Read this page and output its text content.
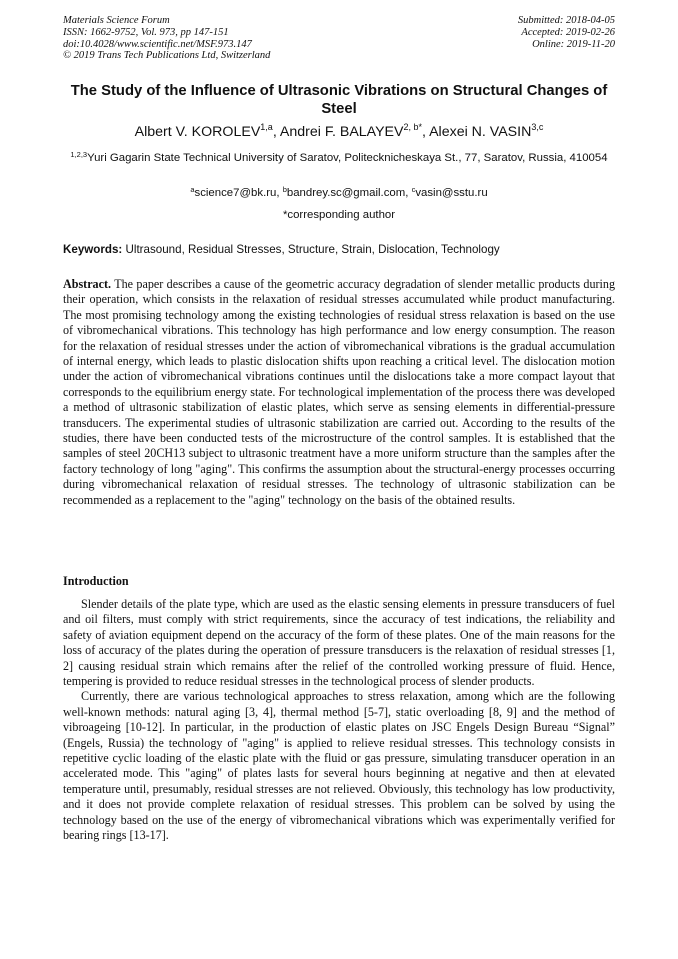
Materials Science Forum
ISSN: 1662-9752, Vol. 973, pp 147-151
doi:10.4028/www.scientific.net/MSF.973.147
© 2019 Trans Tech Publications Ltd, Switzerland
Submitted: 2018-04-05
Accepted: 2019-02-26
Online: 2019-11-20
The Study of the Influence of Ultrasonic Vibrations on Structural Changes of Steel
Albert V. KOROLEV$^{1,a}$, Andrei F. $BALAYEV^{2, b*}$, Alexei N. VASIN$^{3,c}$
$^{1,2,3}$Yuri Gagarin State Technical University of Saratov, Politecknicheskaya St., 77, Saratov, Russia, 410054
$^a$science7@bk.ru, $^b$bandrey.sc@gmail.com, $^c$vasin@sstu.ru
*corresponding author
Keywords: Ultrasound, Residual Stresses, Structure, Strain, Dislocation, Technology

Abstract. The paper describes a cause of the geometric accuracy degradation of slender metallic products during their operation, which consists in the relaxation of residual stresses accumulated while product manufacturing. The most promising technology among the existing technologies of residual stress relaxation is based on the use of vibromechanical vibrations. This technology has high performance and low energy consumption. The reason for the relaxation of residual stresses under the action of vibromechanical vibrations is the gradual accumulation of internal energy, which leads to plastic dislocation shifts upon reaching a critical level. The dislocation motion under the action of vibromechanical vibrations continues until the dislocations take a more compact layout that corresponds to the equilibrium energy state. For technological implementation of the process there was developed a method of ultrasonic stabilization of elastic plates, which serve as sensing elements in differential-pressure transducers. The experimental studies of ultrasonic stabilization are carried out. According to the results of the studies, there have been conducted tests of the microstructure of the control samples. It is established that the samples of steel 20CH13 subject to ultrasonic treatment have a more uniform structure than the samples after the factory technology of long "aging". This confirms the assumption about the structural-energy processes occurring during vibromechanical relaxation of residual stresses. The technology of ultrasonic stabilization can be recommended as a replacement to the "aging" technology on the basis of the obtained results.

Introduction

Slender details of the plate type, which are used as the elastic sensing elements in pressure transducers of fuel and oil filters, must comply with strict requirements, since the accuracy of test indications, the reliability and safety of aviation equipment depend on the accuracy of the form of these plates. One of the main reasons for the loss of accuracy of the plates during the operation of pressure transducers is the relaxation of residual stresses [1, 2] causing residual strain which remains after the relief of the controlled working pressure of fluid. Hence, tempering is provided to reduce residual stresses in the technological process of slender products.

Currently, there are various technological approaches to stress relaxation, among which are the following well-known methods: natural aging [3, 4], thermal method [5-7], static overloading [8, 9] and the method of vibroageing [10-12]. In particular, in the production of elastic plates on JSC Engels Design Bureau “Signal” (Engels, Russia) the technology of "aging" is applied to relieve residual stresses. This technology consists in repetitive cyclic loading of the elastic plate with the fluid or gas pressure, simulating transducer operation in an accelerated mode. This "aging" of plates lasts for several hours beginning at negative and then at elevated temperature until, presumably, residual stresses are not relieved. Obviously, this technology has low productivity, and it does not provide complete relaxation of residual stresses. This problem can be solved by using the technology based on the use of the energy of vibromechanical vibrations which was experimentally verified for bearing rings [13-17].
